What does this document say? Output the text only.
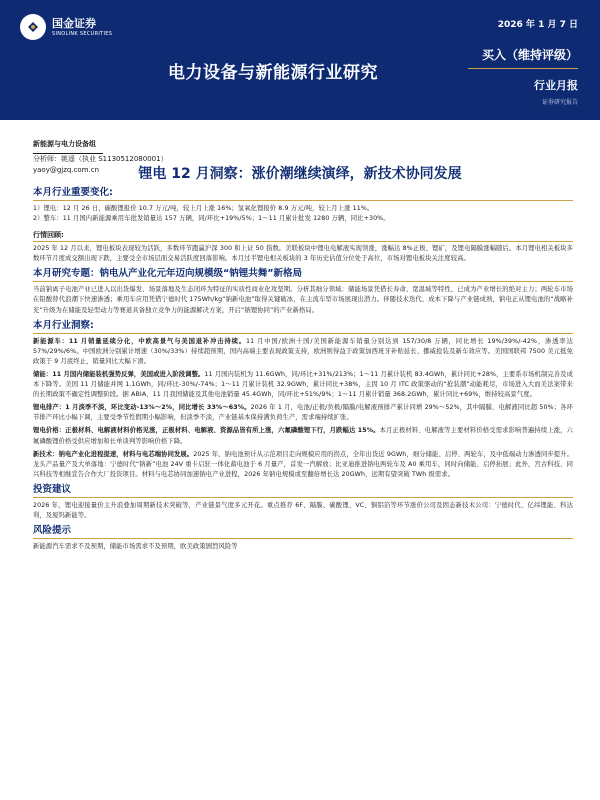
国金证券
SINOLINK SECURITIES
2026 年 1 月 7 日
电力设备与新能源行业研究
买入（维持评级）
行业月报
证券研究报告
新能源与电力设备组
分析师：姚遥（执业 S1130512080001）
yaoy@gjzq.com.cn	锂电 12 月洞察：涨价潮继续演绎，新技术协同发展
本月行业重要变化:

1）锂电：12 月 26 日，碳酸锂报价 10.7 万元/吨，较上月上涨 16%；氢氧化锂报价 8.9 万元/吨，较上月上涨 11%。

2）整车：11 月国内新能源乘用车批发销量达 157 万辆，同/环比+19%/5%；1～11 月累计批发 1280 万辆，同比+30%。

行情回顾:

2025 年 12 月以来，锂电板块表现较为活跃，多数环节跑赢沪深 300 和上证 50 指数。美联板块中锂电电解液实现领涨，涨幅达 8%正极、锂矿，及锂电隔膜涨幅随后。本月锂电相关板块多数环节月度成交额出现下跌，主要受全市场层面交易活跃度回落影响。本月过半锂电相关板块的 3 年历史估值分位处于高位，市场对锂电板块关注度较高。

本月研究专题：钠电从产业化元年迈向规模级“钠锂共舞”新格局

当前钠离子电池产业已进入以出货爆发、场景落地及生态闭环为特征的实质性商业化攻坚期。分析其细分领域：储能场景凭借长寿命、宽温域等特性，已成为产业增长的绝对主力；两轮车市场在铅酸替代浪潮下快速渗透；乘用车应用凭借宁德时代 175Wh/kg“钠新电池”取得关键破冰，在主流车型市场展现出潜力。伴随技术迭代、成本下降与产业链成熟，钠电正从锂电池的“战略补充”升级为在储能及轻型动力等赛道具备独立竞争力的能源解决方案，开启“钠锂协同”的产业新格局。

本月行业洞察:

新能源车：11 月销量延续分化，中欧高景气与美国退补冲击持续。11 月中国/欧洲十国/美国新能源车销量分别达到 157/30/8 万辆，同比增长 19%/39%/-42%，渗透率达 57%/29%/6%。中国欧洲分别累计增速（30%/33%）持续超预期，国内高端主要表现政策支持，欧洲则得益于政策加西班牙补贴延长、挪威抢装及新车效应等。美国国联邦 7500 美元抵免政策于 9 月底终止，销量同比大幅下滑。

储能：11 月国内储能装机强势反弹，美国或进入阶段调整。11 月国内装机为 11.6GWh，同/环比+31%/213%；1～11 月累计装机 83.4GWh，累计同比+28%，主要系市场机制完善及成本下降等。美国 11 月储能并网 1.1GWh，同/环比-30%/-74%；1～11 月累计装机 32.9GWh，累计同比+38%，主因 10 月 ITC 政策驱动的“抢装潮”动能耗尽，市场进入大而美法案带来的长期政策不确定性调整阶段。据 ABIA，11 月我国储能及其他电池销量 45.4GWh，同/环比+51%/9%；1～11 月累计销量 368.2GWh，累计同比+69%，维持较高景气度。

锂电排产：1 月淡季不淡，环比变动-13%～2%，同比增长 33%～63%。2026 年 1 月，电池/正极/负极/隔膜/电解液预排产累计同增 29%～52%，其中隔膜、电解液同比超 50%；各环节排产环比小幅下调，主要受季节性假期小幅影响，但淡季不淡，产业链基本保持满负荷生产，需求端持续扩张。

锂电价格：正极材料、电解液材料价格见涨，正极材料、电解液、资源品皆有所上涨，六氟磷酸锂下行，月跌幅达 15%。本月正极材料、电解液等主要材料价格受需求影响普遍持续上涨，六氟磷酸锂价格受供应增加和长单谈判等影响价格下降。

新技术：钠电产业化进程提速，材料与电芯端协同发展。2025 年，钠电池预计从示范项目走向规模应用的拐点，全年出货近 9GWh，细分储能、启停、两轮车，及中低端动力渗透同步提升。龙头产品量产及大单落地：宁德时代“钠新”电池 24V 重卡启驻一体化蓄电池于 6 月量产，首发一汽解放；比亚迪推进钠电两轮车及 A0 乘用车，同时向储能、启停拓展；此外，宫古科技、同兴科技等相继宣告合作大厂投资项目。材料与电芯协同加速钠电产业进程，2026 年钠电规模或至翻倍增长达 20GWh，远期有望突破 TWh 级需求。

投资建议

2026 年，锂电迎接量价主升浪叠加周期新技术突破等，产业链景气度多元开花。重点推荐 6F、隔膜、碳酸锂、VC、铜铝箔等环节涨价公司及固态新技术公司：宁德时代、亿纬锂能、科达利，及厦钨新能等。

风险提示

新能源汽车需求不及预期，储能市场需求不及预期，欧美政策剧烈风险等
